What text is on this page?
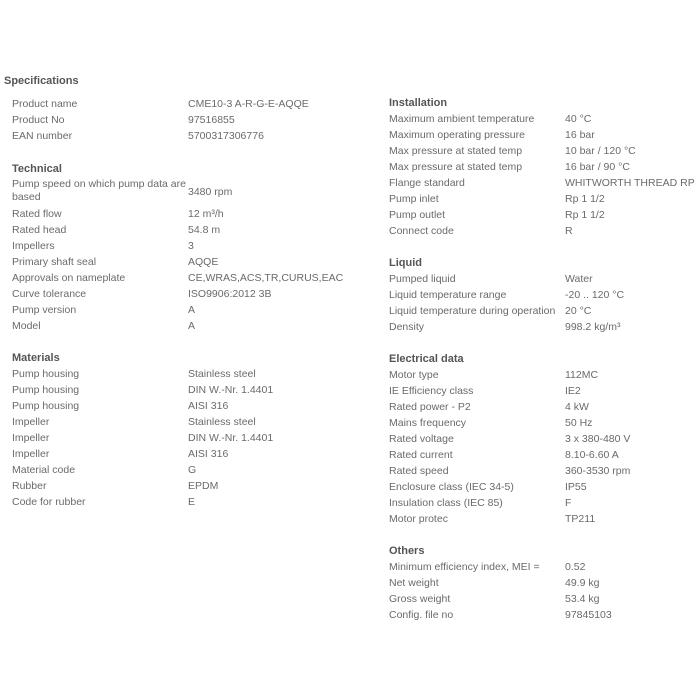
Specifications
Product name	CME10-3 A-R-G-E-AQQE
Product No	97516855
EAN number	5700317306776
Technical
Pump speed on which pump data are based	3480 rpm
Rated flow	12 m³/h
Rated head	54.8 m
Impellers	3
Primary shaft seal	AQQE
Approvals on nameplate	CE,WRAS,ACS,TR,CURUS,EAC
Curve tolerance	ISO9906:2012 3B
Pump version	A
Model	A
Materials
Pump housing	Stainless steel
Pump housing	DIN W.-Nr. 1.4401
Pump housing	AISI 316
Impeller	Stainless steel
Impeller	DIN W.-Nr. 1.4401
Impeller	AISI 316
Material code	G
Rubber	EPDM
Code for rubber	E
Installation
Maximum ambient temperature	40 °C
Maximum operating pressure	16 bar
Max pressure at stated temp	10 bar / 120 °C
Max pressure at stated temp	16 bar / 90 °C
Flange standard	WHITWORTH THREAD RP
Pump inlet	Rp 1 1/2
Pump outlet	Rp 1 1/2
Connect code	R
Liquid
Pumped liquid	Water
Liquid temperature range	-20 .. 120 °C
Liquid temperature during operation 20 °C
Density	998.2 kg/m³
Electrical data
Motor type	112MC
IE Efficiency class	IE2
Rated power - P2	4 kW
Mains frequency	50 Hz
Rated voltage	3 x 380-480 V
Rated current	8.10-6.60 A
Rated speed	360-3530 rpm
Enclosure class (IEC 34-5)	IP55
Insulation class (IEC 85)	F
Motor protec	TP211
Others
Minimum efficiency index, MEI =	0.52
Net weight	49.9 kg
Gross weight	53.4 kg
Config. file no	97845103
